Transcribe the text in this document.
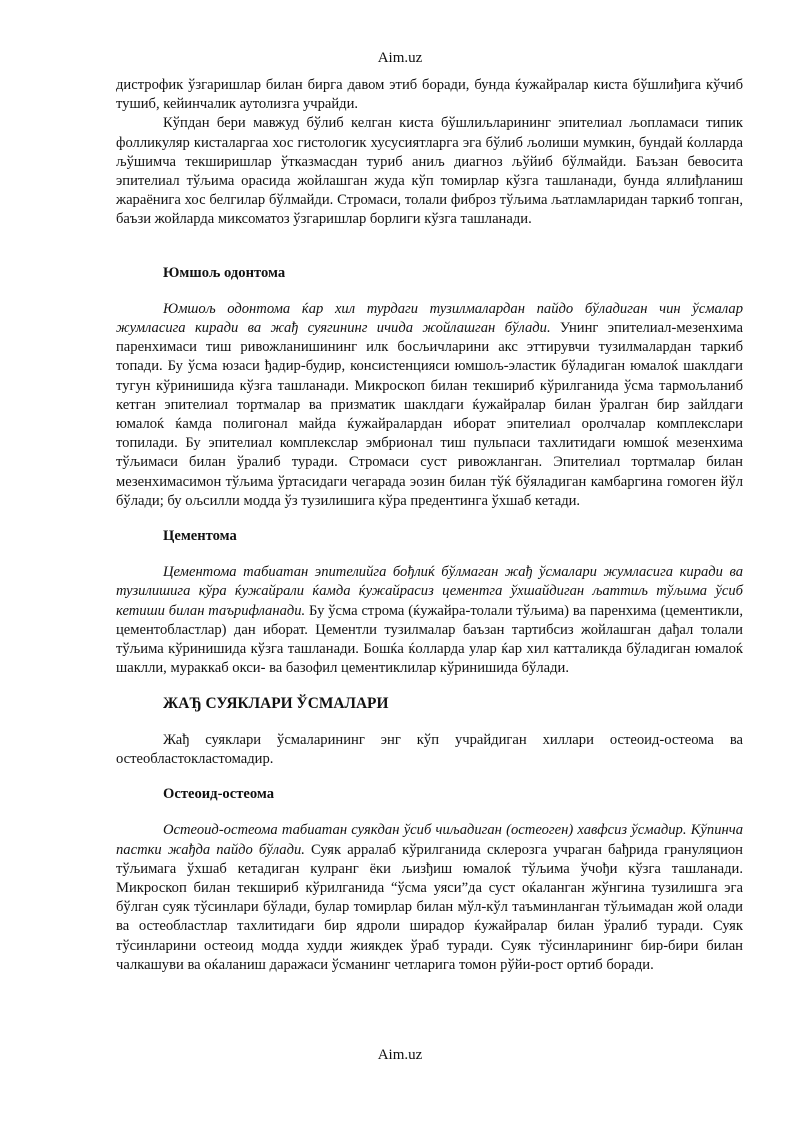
Aim.uz

дистрофик ўзгаришлар билан бирга давом этиб боради, бунда ќужайралар киста бўшлиђига кўчиб тушиб, кейинчалик аутолизга учрайди.

Кўпдан бери мавжуд бўлиб келган киста бўшлиљларининг эпителиал љопламаси типик фолликуляр кисталаргаа хос гистологик хусусиятларга эга бўлиб љолиши мумкин, бундай ќолларда љўшимча текширишлар ўтказмасдан туриб аниљ диагноз љўйиб бўлмайди. Баъзан бевосита эпителиал тўљима орасида жойлашган жуда кўп томирлар кўзга ташланади, бунда яллиђланиш жараёнига хос белгилар бўлмайди. Стромаси, толали фиброз тўљима љатламларидан таркиб топган, баъзи жойларда миксоматоз ўзгаришлар борлиги кўзга ташланади.

Юмшољ одонтома

Юмшољ одонтома ќар хил турдаги тузилмалардан пайдо бўладиган чин ўсмалар жумласига киради ва жађ суягининг ичида жойлашган бўлади. Унинг эпителиал-мезенхима паренхимаси тиш ривожланишининг илк босљичларини акс эттирувчи тузилмалардан таркиб топади. Бу ўсма юзаси ђадир-будир, консистенцияси юмшољ-эластик бўладиган юмалоќ шаклдаги тугун кўринишида кўзга ташланади. Микроскоп билан текшириб кўрилганида ўсма тармољланиб кетган эпителиал тортмалар ва призматик шаклдаги ќужайралар билан ўралган бир зайлдаги юмалоќ ќамда полигонал майда ќужайралардан иборат эпителиал оролчалар комплекслари топилади. Бу эпителиал комплекслар эмбрионал тиш пульпаси тахлитидаги юмшоќ мезенхима тўљимаси билан ўралиб туради. Стромаси суст ривожланган. Эпителиал тортмалар билан мезенхимасимон тўљима ўртасидаги чегарада эозин билан тўќ бўяладиган камбаргина гомоген йўл бўлади; бу ољсилли модда ўз тузилишига кўра предентинга ўхшаб кетади.

Цементома

Цементома табиатан эпителийга бођлиќ бўлмаган жађ ўсмалари жумласига киради ва тузилишига кўра ќужайрали ќамда ќужайрасиз цементга ўхшайдиган љаттиљ тўљима ўсиб кетиши билан таърифланади. Бу ўсма строма (ќужайра-толали тўљима) ва паренхима (цементикли, цементобластлар) дан иборат. Цементли тузилмалар баъзан тартибсиз жойлашган дађал толали тўљима кўринишида кўзга ташланади. Бошќа ќолларда улар ќар хил катталикда бўладиган юмалоќ шаклли, мураккаб окси- ва базофил цементиклилар кўринишида бўлади.

ЖАЂ СУЯКЛАРИ ЎСМАЛАРИ

Жађ суяклари ўсмаларининг энг кўп учрайдиган хиллари остеоид-остеома ва остеобластокластомадир.

Остеоид-остеома

Остеоид-остеома табиатан суякдан ўсиб чиљадиган (остеоген) хавфсиз ўсмадир. Кўпинча пастки жађда пайдо бўлади. Суяк арралаб кўрилганида склерозга учраган бађрида грануляцион тўљимага ўхшаб кетадиган кулранг ёки љизђиш юмалоќ тўљима ўчођи кўзга ташланади. Микроскоп билан текшириб кўрилганида “ўсма уяси”да суст оќаланган жўнгина тузилишга эга бўлган суяк тўсинлари бўлади, булар томирлар билан мўл-кўл таъминланган тўљимадан жой олади ва остеобластлар тахлитидаги бир ядроли ширадор ќужайралар билан ўралиб туради. Суяк тўсинларини остеоид модда худди жиякдек ўраб туради. Суяк тўсинларининг бир-бири билан чалкашуви ва оќаланиш даражаси ўсманинг четларига томон рўйи-рост ортиб боради.

Aim.uz
